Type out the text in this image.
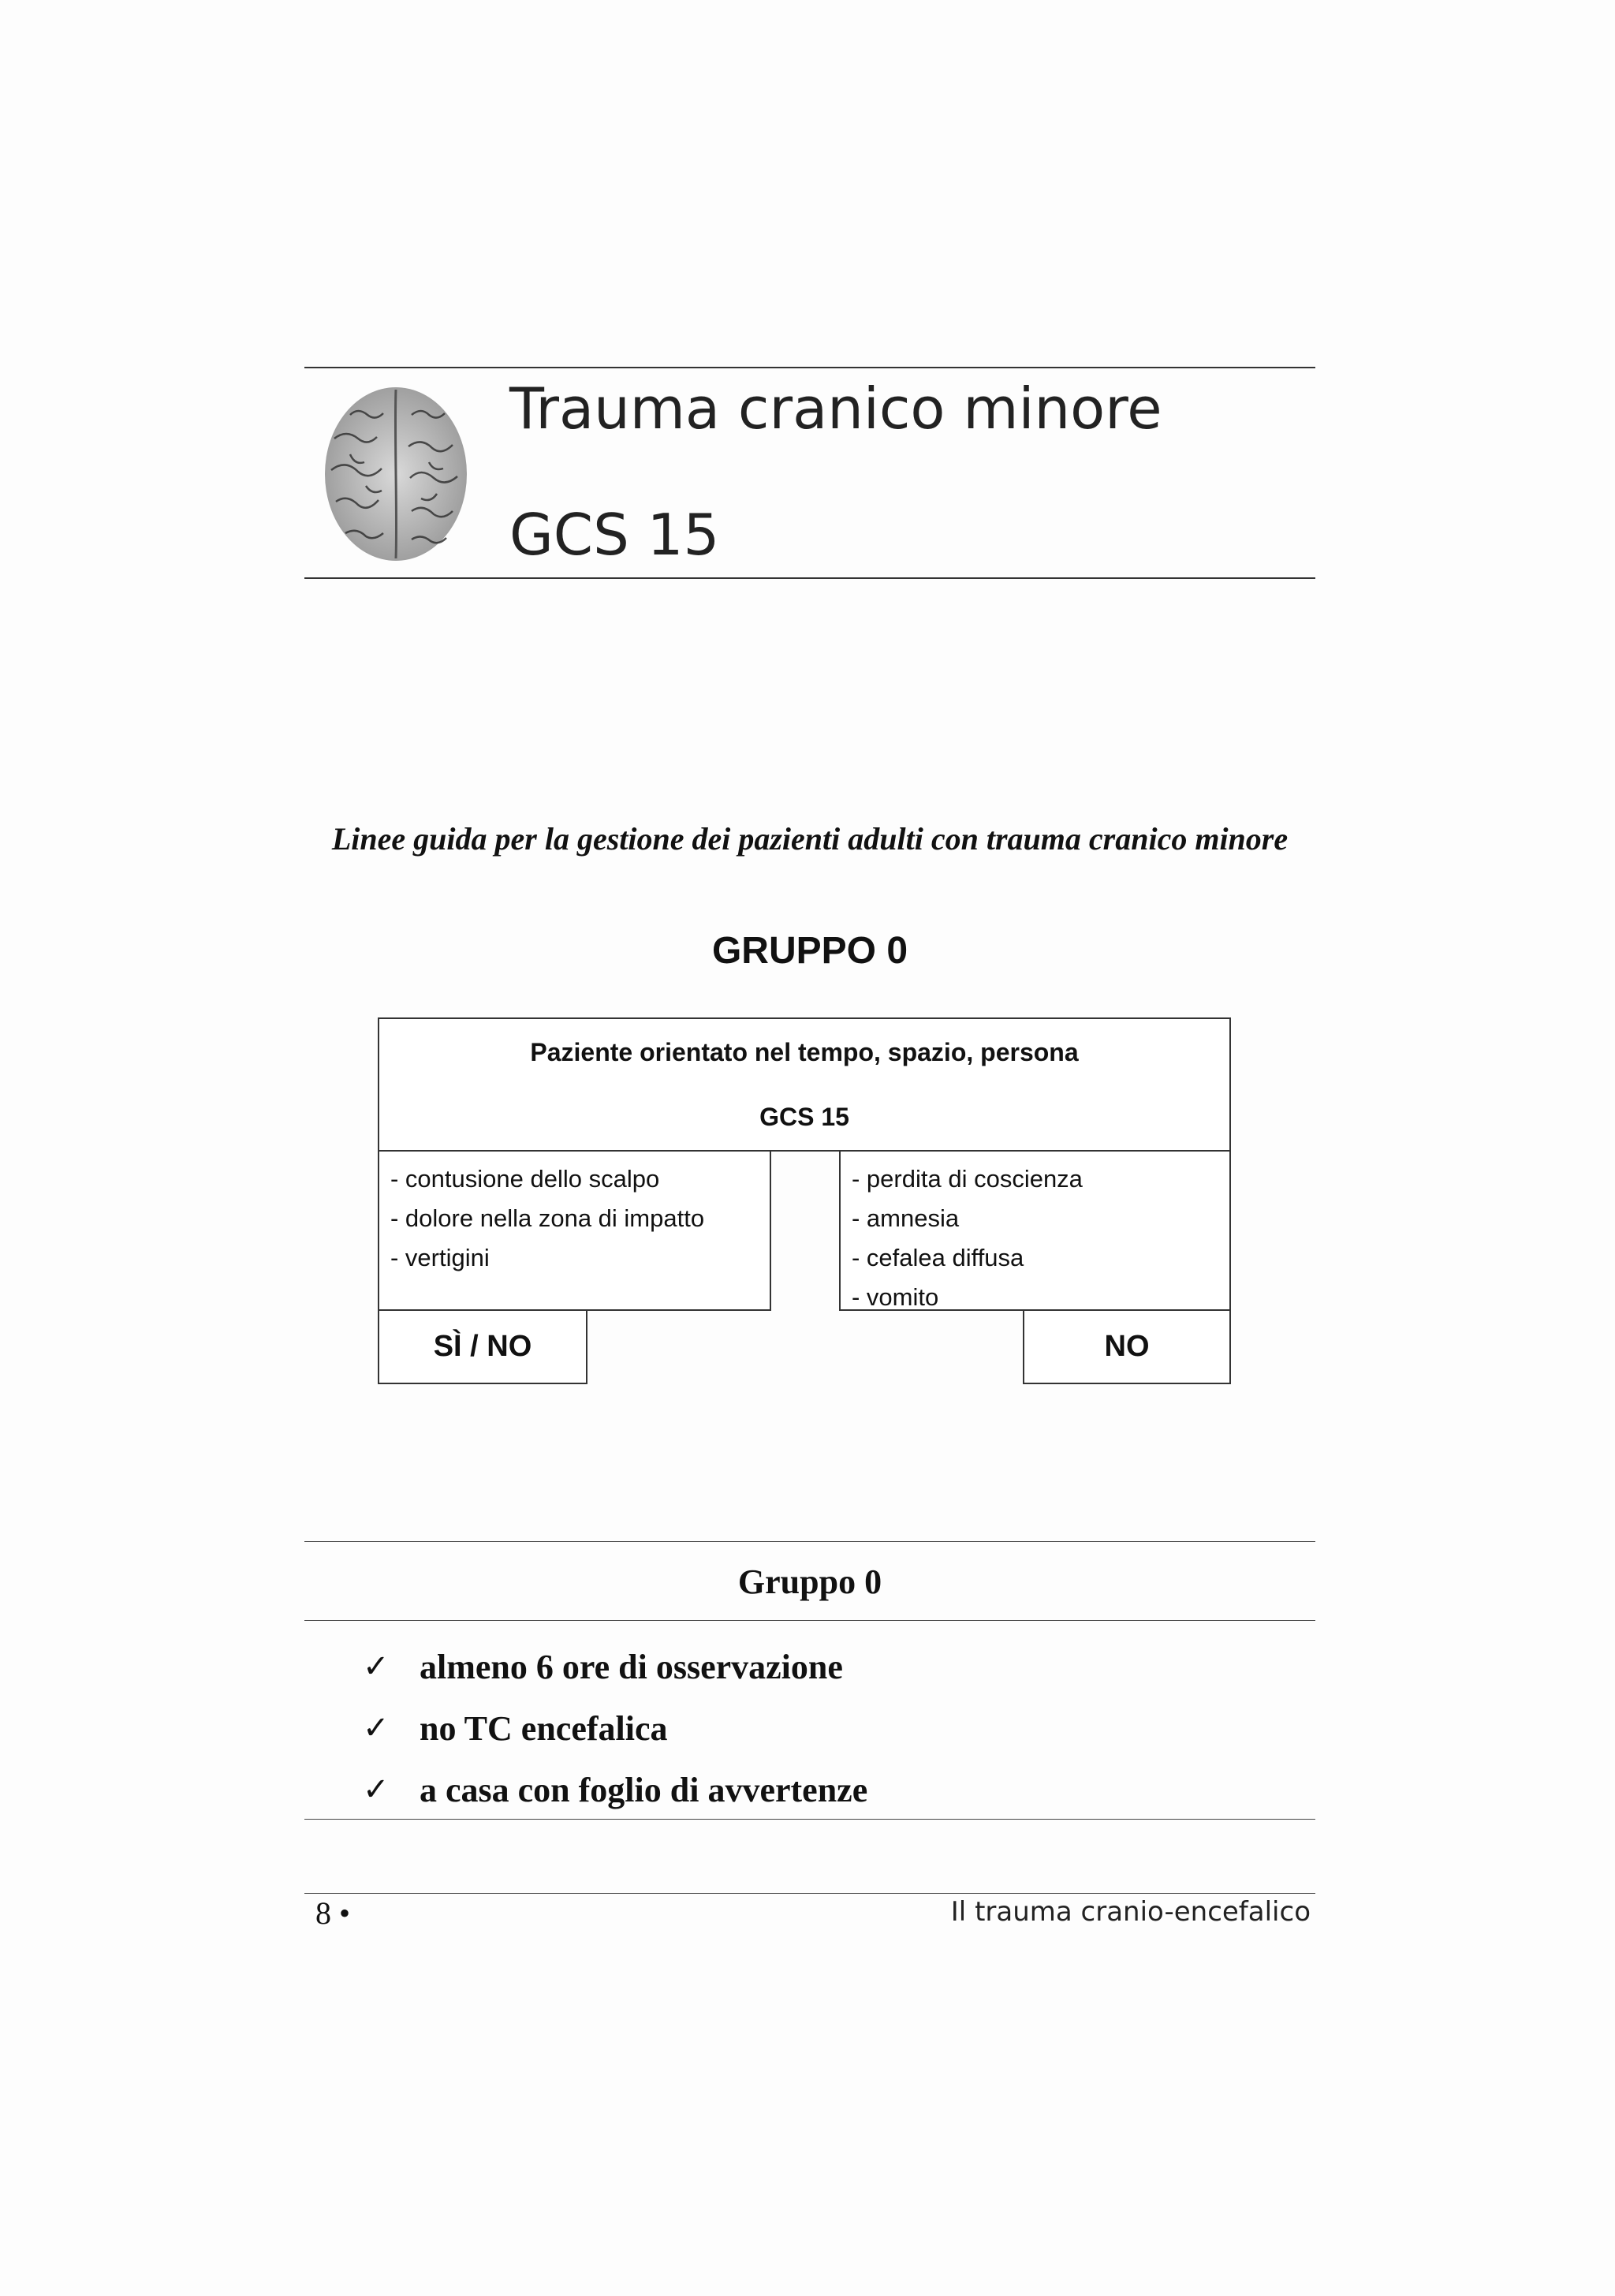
Trauma cranico minore
GCS 15
Linee guida per la gestione dei pazienti adulti con trauma cranico minore
GRUPPO 0
Paziente orientato nel tempo, spazio, persona
GCS 15
- contusione dello scalpo
- dolore nella zona di impatto
- vertigini
- perdita di coscienza
- amnesia
- cefalea diffusa
- vomito
SÌ / NO	NO
Gruppo 0
✓ almeno 6 ore di osservazione
✓ no TC encefalica
✓ a casa con foglio di avvertenze
8 •	Il trauma cranio-encefalico
